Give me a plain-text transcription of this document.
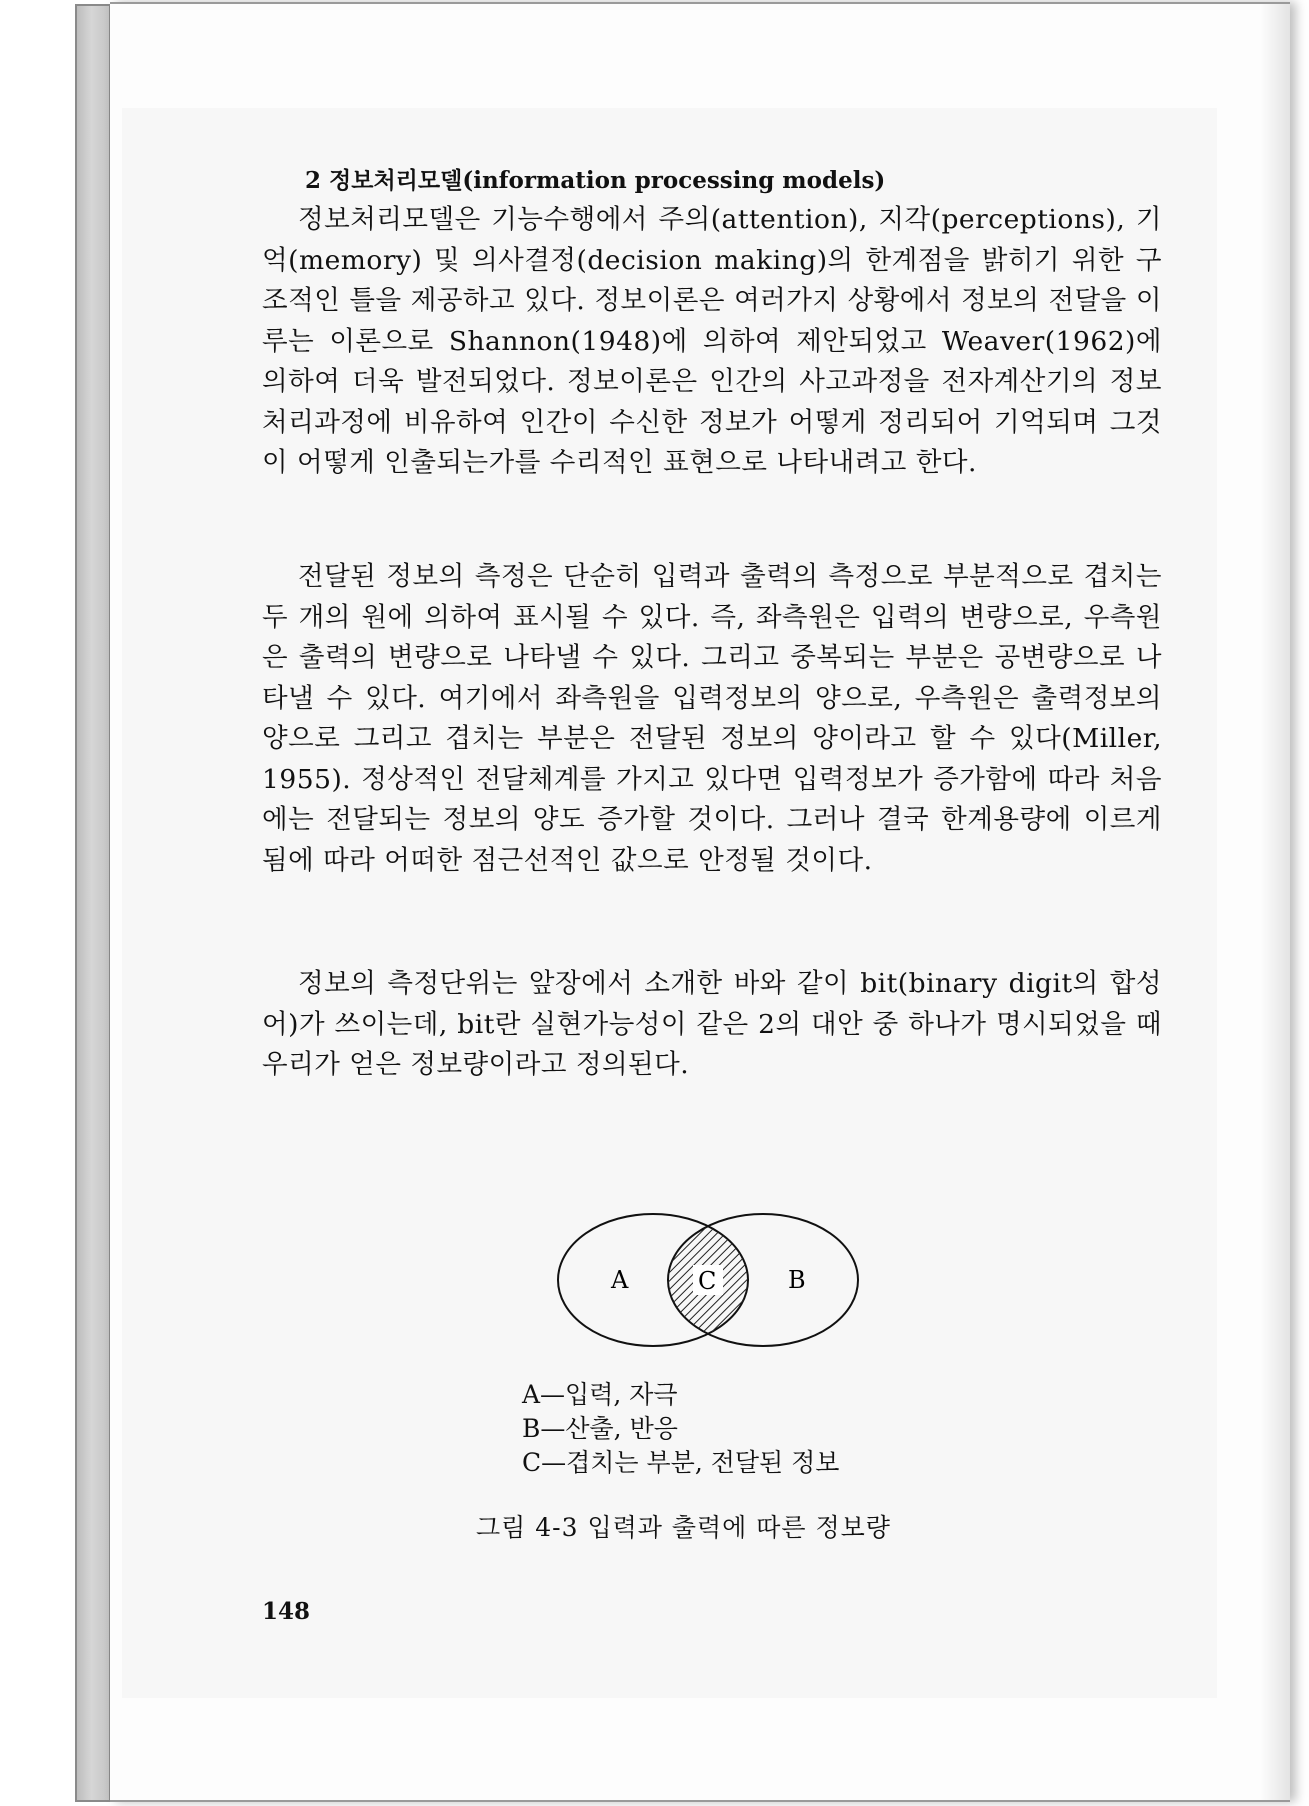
2 정보처리모델(information processing models)

정보처리모델은 기능수행에서 주의(attention), 지각(perceptions), 기억(memory) 및 의사결정(decision making)의 한계점을 밝히기 위한 구조적인 틀을 제공하고 있다. 정보이론은 여러가지 상황에서 정보의 전달을 이루는 이론으로 Shannon(1948)에 의하여 제안되었고 Weaver(1962)에 의하여 더욱 발전되었다. 정보이론은 인간의 사고과정을 전자계산기의 정보처리과정에 비유하여 인간이 수신한 정보가 어떻게 정리되어 기억되며 그것이 어떻게 인출되는가를 수리적인 표현으로 나타내려고 한다.

전달된 정보의 측정은 단순히 입력과 출력의 측정으로 부분적으로 겹치는 두 개의 원에 의하여 표시될 수 있다. 즉, 좌측원은 입력의 변량으로, 우측원은 출력의 변량으로 나타낼 수 있다. 그리고 중복되는 부분은 공변량으로 나타낼 수 있다. 여기에서 좌측원을 입력정보의 양으로, 우측원은 출력정보의 양으로 그리고 겹치는 부분은 전달된 정보의 양이라고 할 수 있다(Miller, 1955). 정상적인 전달체계를 가지고 있다면 입력정보가 증가함에 따라 처음에는 전달되는 정보의 양도 증가할 것이다. 그러나 결국 한계용량에 이르게 됨에 따라 어떠한 점근선적인 값으로 안정될 것이다.

정보의 측정단위는 앞장에서 소개한 바와 같이 bit(binary digit의 합성어)가 쓰이는데, bit란 실현가능성이 같은 2의 대안 중 하나가 명시되었을 때 우리가 얻은 정보량이라고 정의된다.

A	C	B
A—입력, 자극
B—산출, 반응
C—겹치는 부분, 전달된 정보
그림 4-3 입력과 출력에 따른 정보량
148
